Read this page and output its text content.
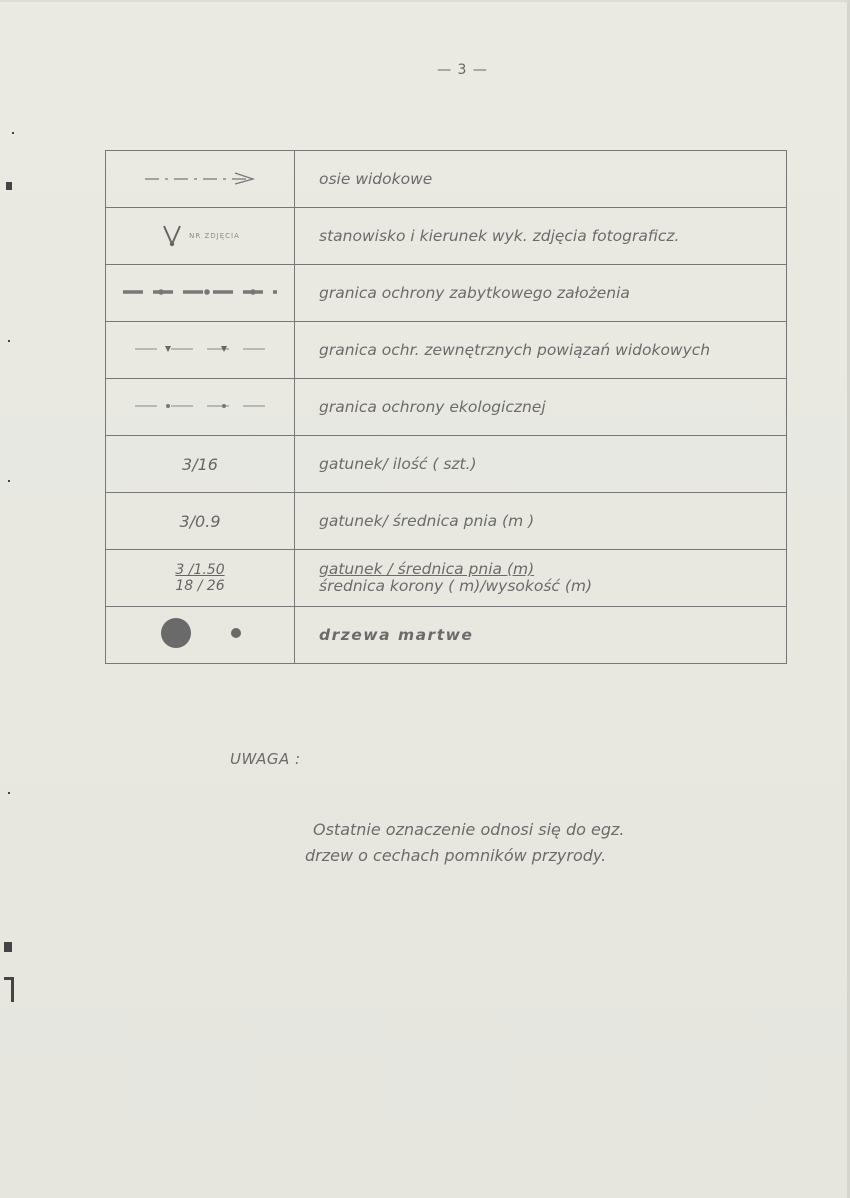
— 3 —
	osie widokowe
NR ZDJĘCIA	stanowisko i kierunek wyk. zdjęcia fotograficz.
	granica ochrony zabytkowego założenia
	granica ochr. zewnętrznych powiązań widokowych
	granica ochrony ekologicznej
3/16	gatunek/ ilość ( szt.)
3/0.9	gatunek/ średnica pnia (m )

$\frac{3 /1.50}{18 / 26}$	gatunek / średnica pnia (m)
średnica korony ( m)/wysokość (m)

	drzewa martwe
UWAGA :
Ostatnie oznaczenie odnosi się do egz.
drzew o cechach pomników przyrody.
